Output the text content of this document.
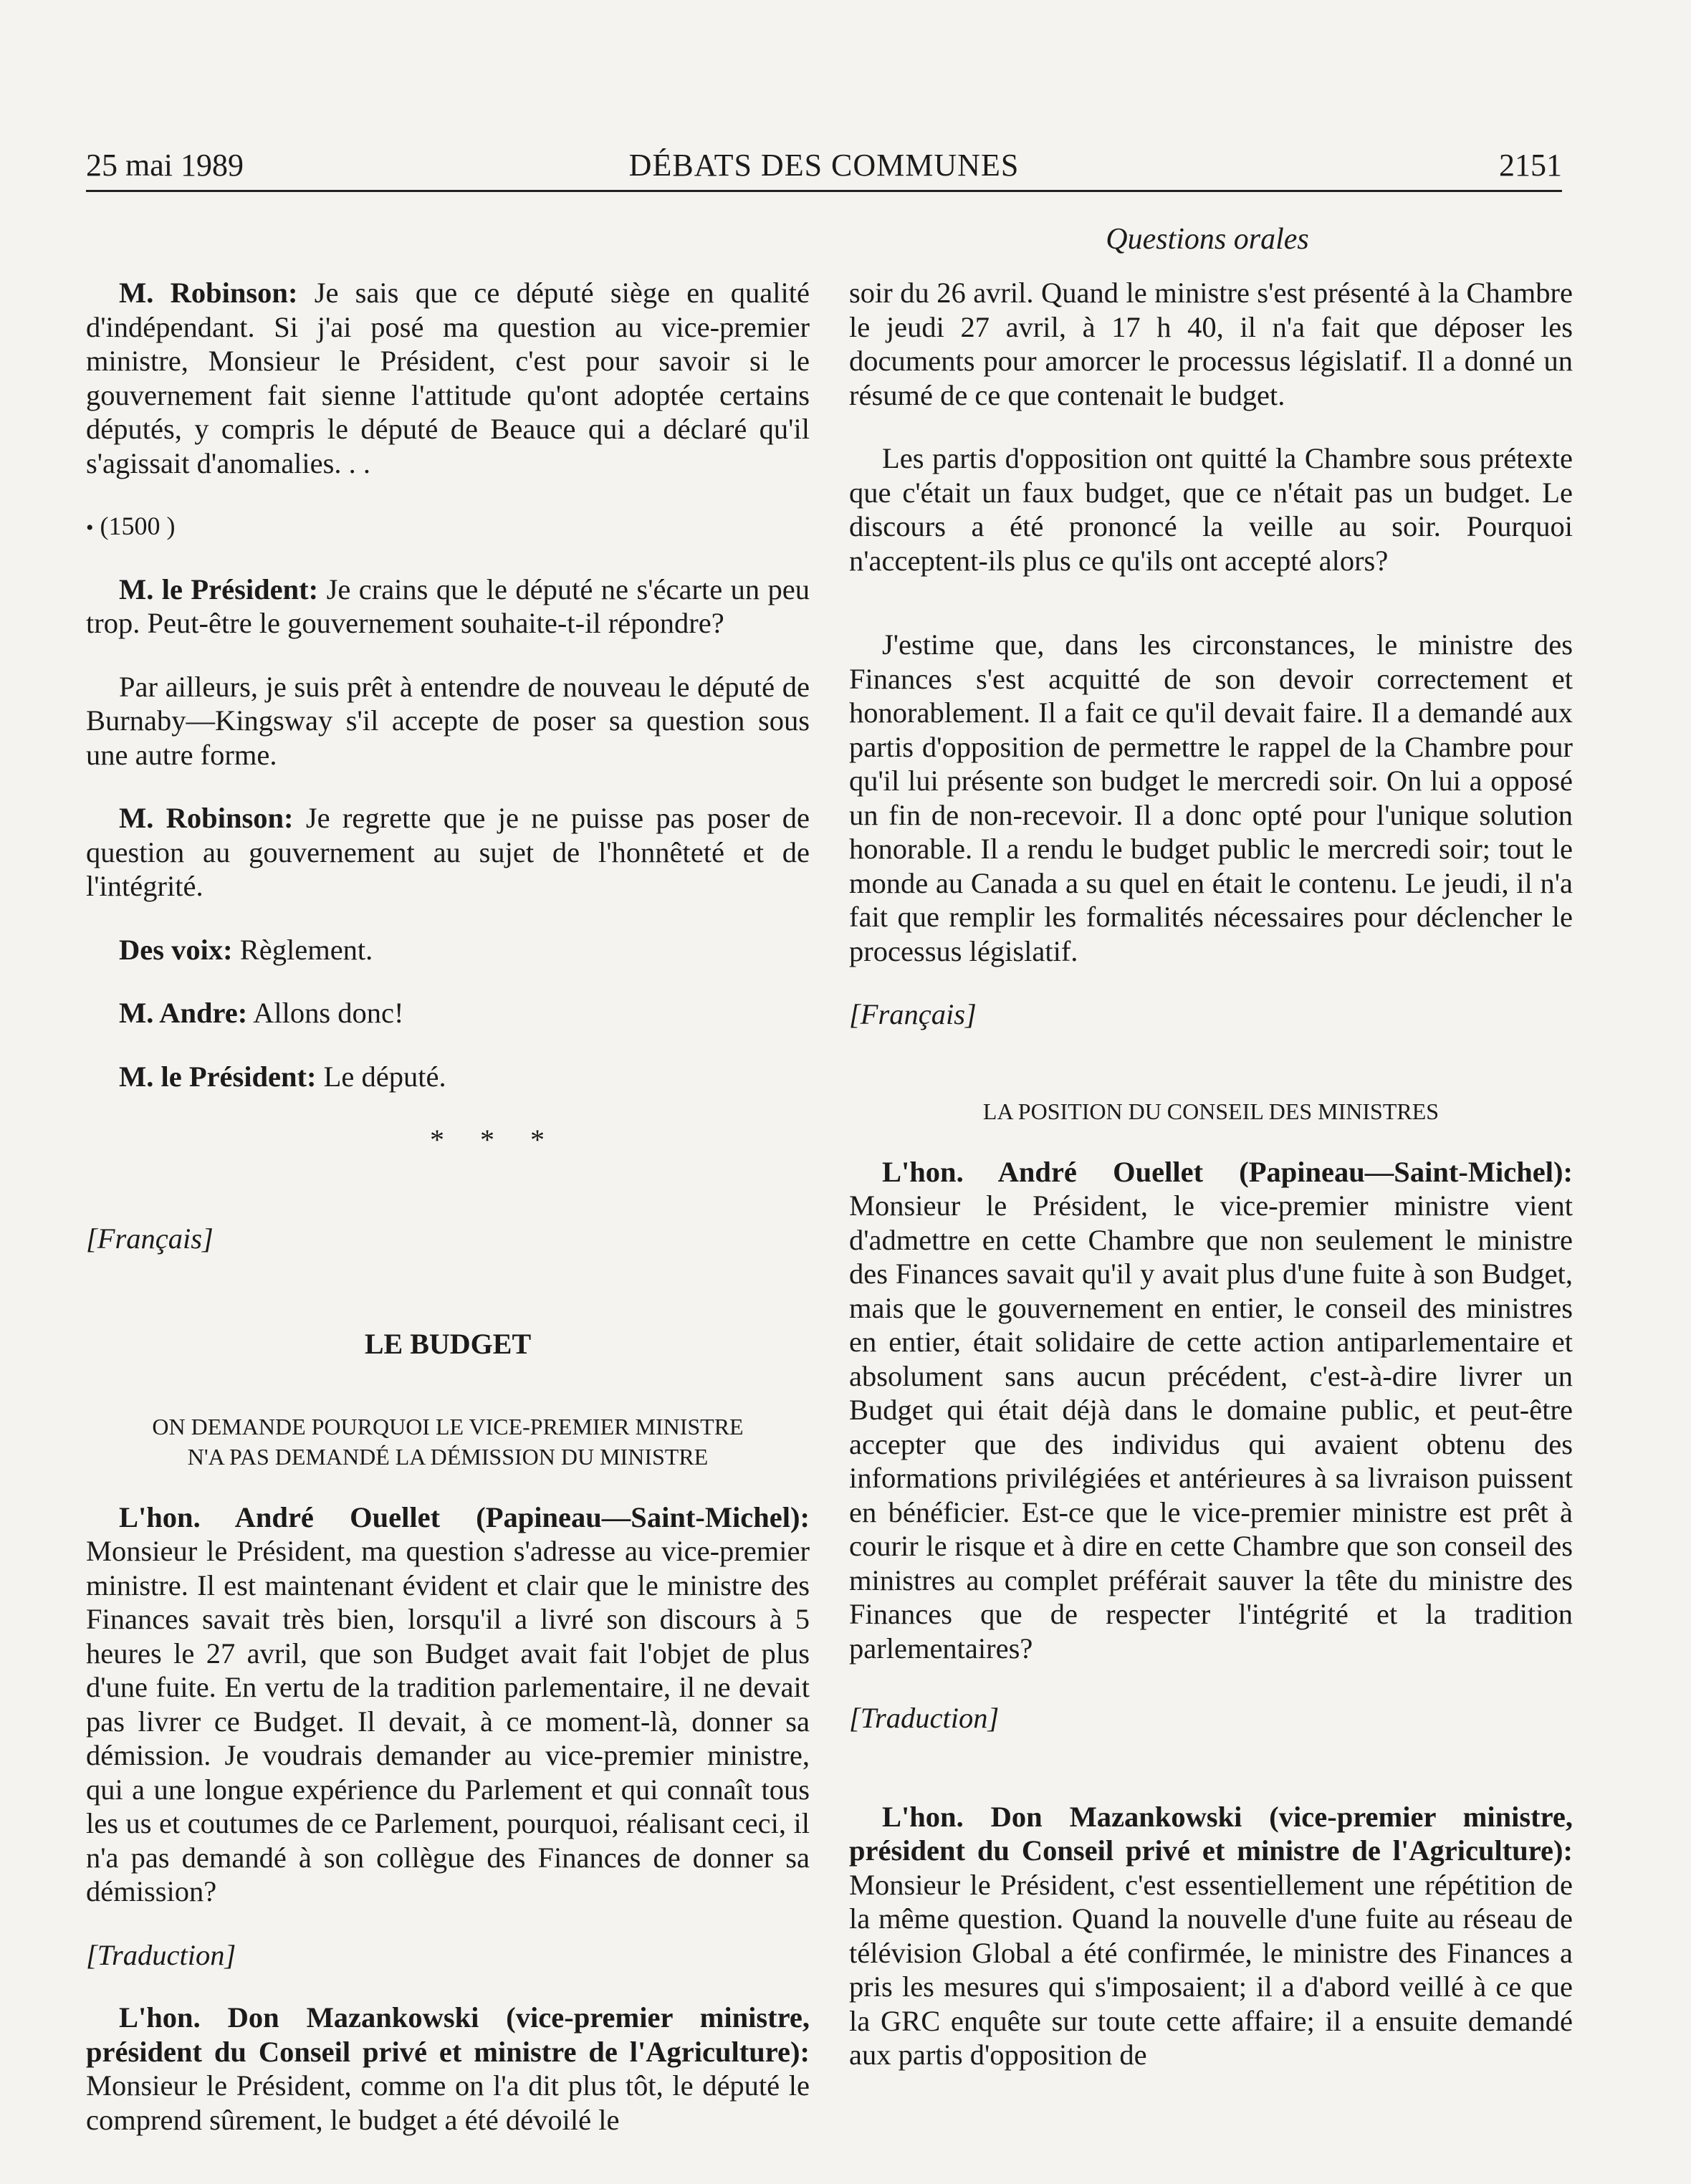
25 mai 1989	DÉBATS DES COMMUNES	2151
Questions orales

M. Robinson: Je sais que ce député siège en qualité d'indépendant. Si j'ai posé ma question au vice-premier ministre, Monsieur le Président, c'est pour savoir si le gouvernement fait sienne l'attitude qu'ont adoptée certains députés, y compris le député de Beauce qui a déclaré qu'il s'agissait d'anomalies. . .

• (1500 )

M. le Président: Je crains que le député ne s'écarte un peu trop. Peut-être le gouvernement souhaite-t-il répondre?

Par ailleurs, je suis prêt à entendre de nouveau le député de Burnaby—Kingsway s'il accepte de poser sa question sous une autre forme.

M. Robinson: Je regrette que je ne puisse pas poser de question au gouvernement au sujet de l'honnêteté et de l'intégrité.

Des voix: Règlement.

M. Andre: Allons donc!

M. le Président: Le député.

* * *
[Français]
LE BUDGET
ON DEMANDE POURQUOI LE VICE-PREMIER MINISTRE
N'A PAS DEMANDÉ LA DÉMISSION DU MINISTRE

L'hon. André Ouellet (Papineau—Saint-Michel): Monsieur le Président, ma question s'adresse au vice-premier ministre. Il est maintenant évident et clair que le ministre des Finances savait très bien, lorsqu'il a livré son discours à 5 heures le 27 avril, que son Budget avait fait l'objet de plus d'une fuite. En vertu de la tradition parlementaire, il ne devait pas livrer ce Budget. Il devait, à ce moment-là, donner sa démission. Je voudrais demander au vice-premier ministre, qui a une longue expérience du Parlement et qui connaît tous les us et coutumes de ce Parlement, pourquoi, réalisant ceci, il n'a pas demandé à son collègue des Finances de donner sa démission?

[Traduction]

L'hon. Don Mazankowski (vice-premier ministre, président du Conseil privé et ministre de l'Agriculture): Monsieur le Président, comme on l'a dit plus tôt, le député le comprend sûrement, le budget a été dévoilé le

soir du 26 avril. Quand le ministre s'est présenté à la Chambre le jeudi 27 avril, à 17 h 40, il n'a fait que déposer les documents pour amorcer le processus législatif. Il a donné un résumé de ce que contenait le budget.

Les partis d'opposition ont quitté la Chambre sous prétexte que c'était un faux budget, que ce n'était pas un budget. Le discours a été prononcé la veille au soir. Pourquoi n'acceptent-ils plus ce qu'ils ont accepté alors?

J'estime que, dans les circonstances, le ministre des Finances s'est acquitté de son devoir correctement et honorablement. Il a fait ce qu'il devait faire. Il a demandé aux partis d'opposition de permettre le rappel de la Chambre pour qu'il lui présente son budget le mercredi soir. On lui a opposé un fin de non-recevoir. Il a donc opté pour l'unique solution honorable. Il a rendu le budget public le mercredi soir; tout le monde au Canada a su quel en était le contenu. Le jeudi, il n'a fait que remplir les formalités nécessaires pour déclencher le processus législatif.

[Français]
LA POSITION DU CONSEIL DES MINISTRES

L'hon. André Ouellet (Papineau—Saint-Michel): Monsieur le Président, le vice-premier ministre vient d'admettre en cette Chambre que non seulement le ministre des Finances savait qu'il y avait plus d'une fuite à son Budget, mais que le gouvernement en entier, le conseil des ministres en entier, était solidaire de cette action antiparlementaire et absolument sans aucun précédent, c'est-à-dire livrer un Budget qui était déjà dans le domaine public, et peut-être accepter que des individus qui avaient obtenu des informations privilégiées et antérieures à sa livraison puissent en bénéficier. Est-ce que le vice-premier ministre est prêt à courir le risque et à dire en cette Chambre que son conseil des ministres au complet préférait sauver la tête du ministre des Finances que de respecter l'intégrité et la tradition parlementaires?

[Traduction]

L'hon. Don Mazankowski (vice-premier ministre, président du Conseil privé et ministre de l'Agriculture): Monsieur le Président, c'est essentiellement une répétition de la même question. Quand la nouvelle d'une fuite au réseau de télévision Global a été confirmée, le ministre des Finances a pris les mesures qui s'imposaient; il a d'abord veillé à ce que la GRC enquête sur toute cette affaire; il a ensuite demandé aux partis d'opposition de
